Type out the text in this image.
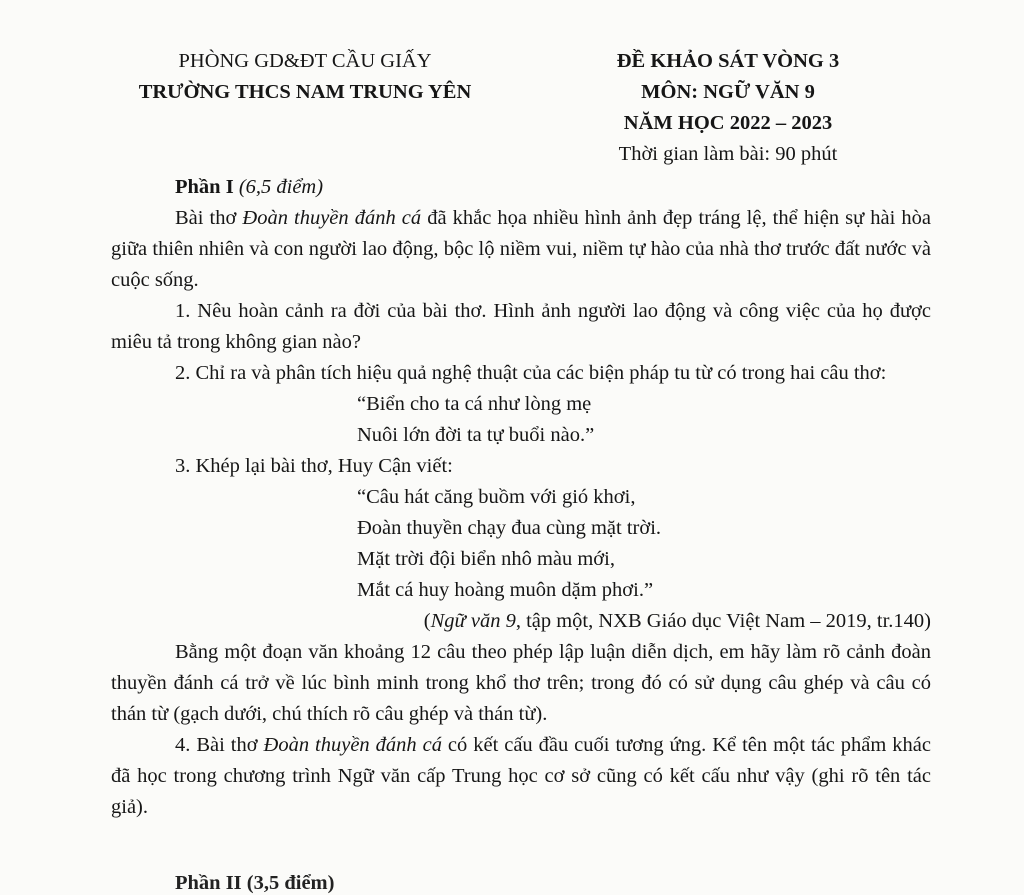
PHÒNG GD&ĐT CẦU GIẤY
TRƯỜNG THCS NAM TRUNG YÊN
ĐỀ KHẢO SÁT VÒNG 3
MÔN: NGỮ VĂN 9
NĂM HỌC 2022 – 2023
Thời gian làm bài: 90 phút

Phần I (6,5 điểm)

Bài thơ Đoàn thuyền đánh cá đã khắc họa nhiều hình ảnh đẹp tráng lệ, thể hiện sự hài hòa giữa thiên nhiên và con người lao động, bộc lộ niềm vui, niềm tự hào của nhà thơ trước đất nước và cuộc sống.

1. Nêu hoàn cảnh ra đời của bài thơ. Hình ảnh người lao động và công việc của họ được miêu tả trong không gian nào?

2. Chỉ ra và phân tích hiệu quả nghệ thuật của các biện pháp tu từ có trong hai câu thơ:

“Biển cho ta cá như lòng mẹ

Nuôi lớn đời ta tự buổi nào.”

3. Khép lại bài thơ, Huy Cận viết:

“Câu hát căng buồm với gió khơi,

Đoàn thuyền chạy đua cùng mặt trời.

Mặt trời đội biển nhô màu mới,

Mắt cá huy hoàng muôn dặm phơi.”

(Ngữ văn 9, tập một, NXB Giáo dục Việt Nam – 2019, tr.140)

Bằng một đoạn văn khoảng 12 câu theo phép lập luận diễn dịch, em hãy làm rõ cảnh đoàn thuyền đánh cá trở về lúc bình minh trong khổ thơ trên; trong đó có sử dụng câu ghép và câu có thán từ (gạch dưới, chú thích rõ câu ghép và thán từ).

4. Bài thơ Đoàn thuyền đánh cá có kết cấu đầu cuối tương ứng. Kể tên một tác phẩm khác đã học trong chương trình Ngữ văn cấp Trung học cơ sở cũng có kết cấu như vậy (ghi rõ tên tác giả).

Phần II (3,5 điểm)
